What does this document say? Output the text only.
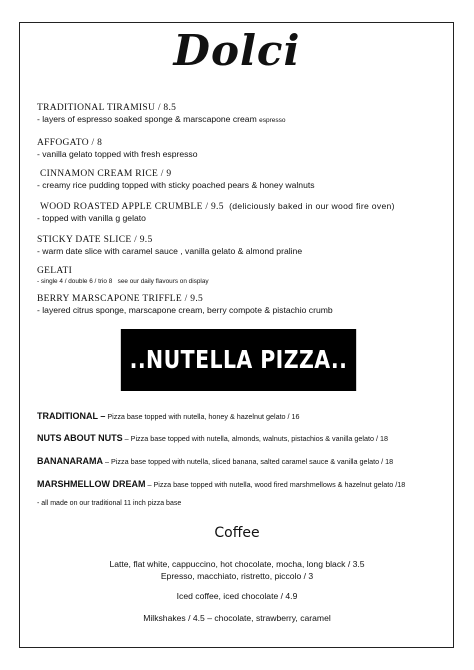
Dolci
TRADITIONAL TIRAMISU / 8.5
- layers of espresso soaked sponge & marscapone cream espresso
AFFOGATO / 8
- vanilla gelato topped with fresh espresso
CINNAMON CREAM RICE / 9
- creamy rice pudding topped with sticky poached pears & honey walnuts
WOOD ROASTED APPLE CRUMBLE / 9.5 (deliciously baked in our wood fire oven)
- topped with vanilla g gelato
STICKY DATE SLICE / 9.5
- warm date slice with caramel sauce , vanilla gelato & almond praline
GELATI
- single 4 / double 6 / trio 8 see our daily flavours on display
BERRY MARSCAPONE TRIFFLE / 9.5
- layered citrus sponge, marscapone cream, berry compote & pistachio crumb
..NUTELLA PIZZA..
TRADITIONAL – Pizza base topped with nutella, honey & hazelnut gelato / 16
NUTS ABOUT NUTS – Pizza base topped with nutella, almonds, walnuts, pistachios & vanilla gelato / 18
BANANARAMA – Pizza base topped with nutella, sliced banana, salted caramel sauce & vanilla gelato / 18
MARSHMELLOW DREAM – Pizza base topped with nutella, wood fired marshmellows & hazelnut gelato /18
- all made on our traditional 11 inch pizza base
Coffee
Latte, flat white, cappuccino, hot chocolate, mocha, long black / 3.5
Epresso, macchiato, ristretto, piccolo / 3
Iced coffee, iced chocolate / 4.9
Milkshakes / 4.5 – chocolate, strawberry, caramel
